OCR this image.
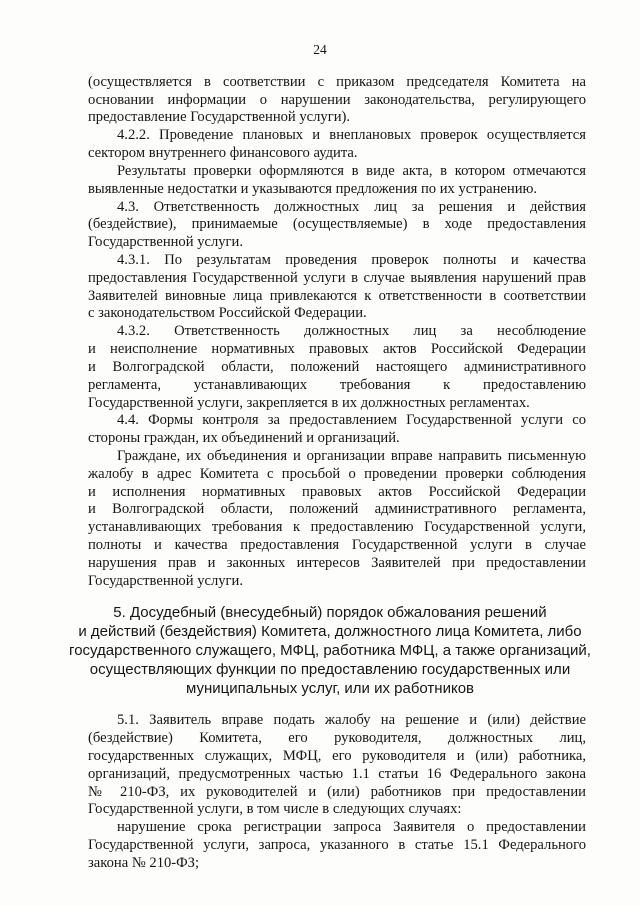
24
(осуществляется в соответствии с приказом председателя Комитета на
основании информации о нарушении законодательства, регулирующего
предоставление Государственной услуги).
4.2.2. Проведение плановых и внеплановых проверок осуществляется
сектором внутреннего финансового аудита.
Результаты проверки оформляются в виде акта, в котором отмечаются
выявленные недостатки и указываются предложения по их устранению.
4.3. Ответственность должностных лиц за решения и действия
(бездействие), принимаемые (осуществляемые) в ходе предоставления
Государственной услуги.
4.3.1. По результатам проведения проверок полноты и качества
предоставления Государственной услуги в случае выявления нарушений прав
Заявителей виновные лица привлекаются к ответственности в соответствии
с законодательством Российской Федерации.
4.3.2. Ответственность должностных лиц за несоблюдение
и неисполнение нормативных правовых актов Российской Федерации
и Волгоградской области, положений настоящего административного
регламента, устанавливающих требования к предоставлению
Государственной услуги, закрепляется в их должностных регламентах.
4.4. Формы контроля за предоставлением Государственной услуги со
стороны граждан, их объединений и организаций.
Граждане, их объединения и организации вправе направить письменную
жалобу в адрес Комитета с просьбой о проведении проверки соблюдения
и исполнения нормативных правовых актов Российской Федерации
и Волгоградской области, положений административного регламента,
устанавливающих требования к предоставлению Государственной услуги,
полноты и качества предоставления Государственной услуги в случае
нарушения прав и законных интересов Заявителей при предоставлении
Государственной услуги.
5. Досудебный (внесудебный) порядок обжалования решений
и действий (бездействия) Комитета, должностного лица Комитета, либо
государственного служащего, МФЦ, работника МФЦ, а также организаций,
осуществляющих функции по предоставлению государственных или
муниципальных услуг, или их работников
5.1. Заявитель вправе подать жалобу на решение и (или) действие
(бездействие) Комитета, его руководителя, должностных лиц,
государственных служащих, МФЦ, его руководителя и (или) работника,
организаций, предусмотренных частью 1.1 статьи 16 Федерального закона
№ 210-ФЗ, их руководителей и (или) работников при предоставлении
Государственной услуги, в том числе в следующих случаях:
нарушение срока регистрации запроса Заявителя о предоставлении
Государственной услуги, запроса, указанного в статье 15.1 Федерального
закона № 210-ФЗ;
